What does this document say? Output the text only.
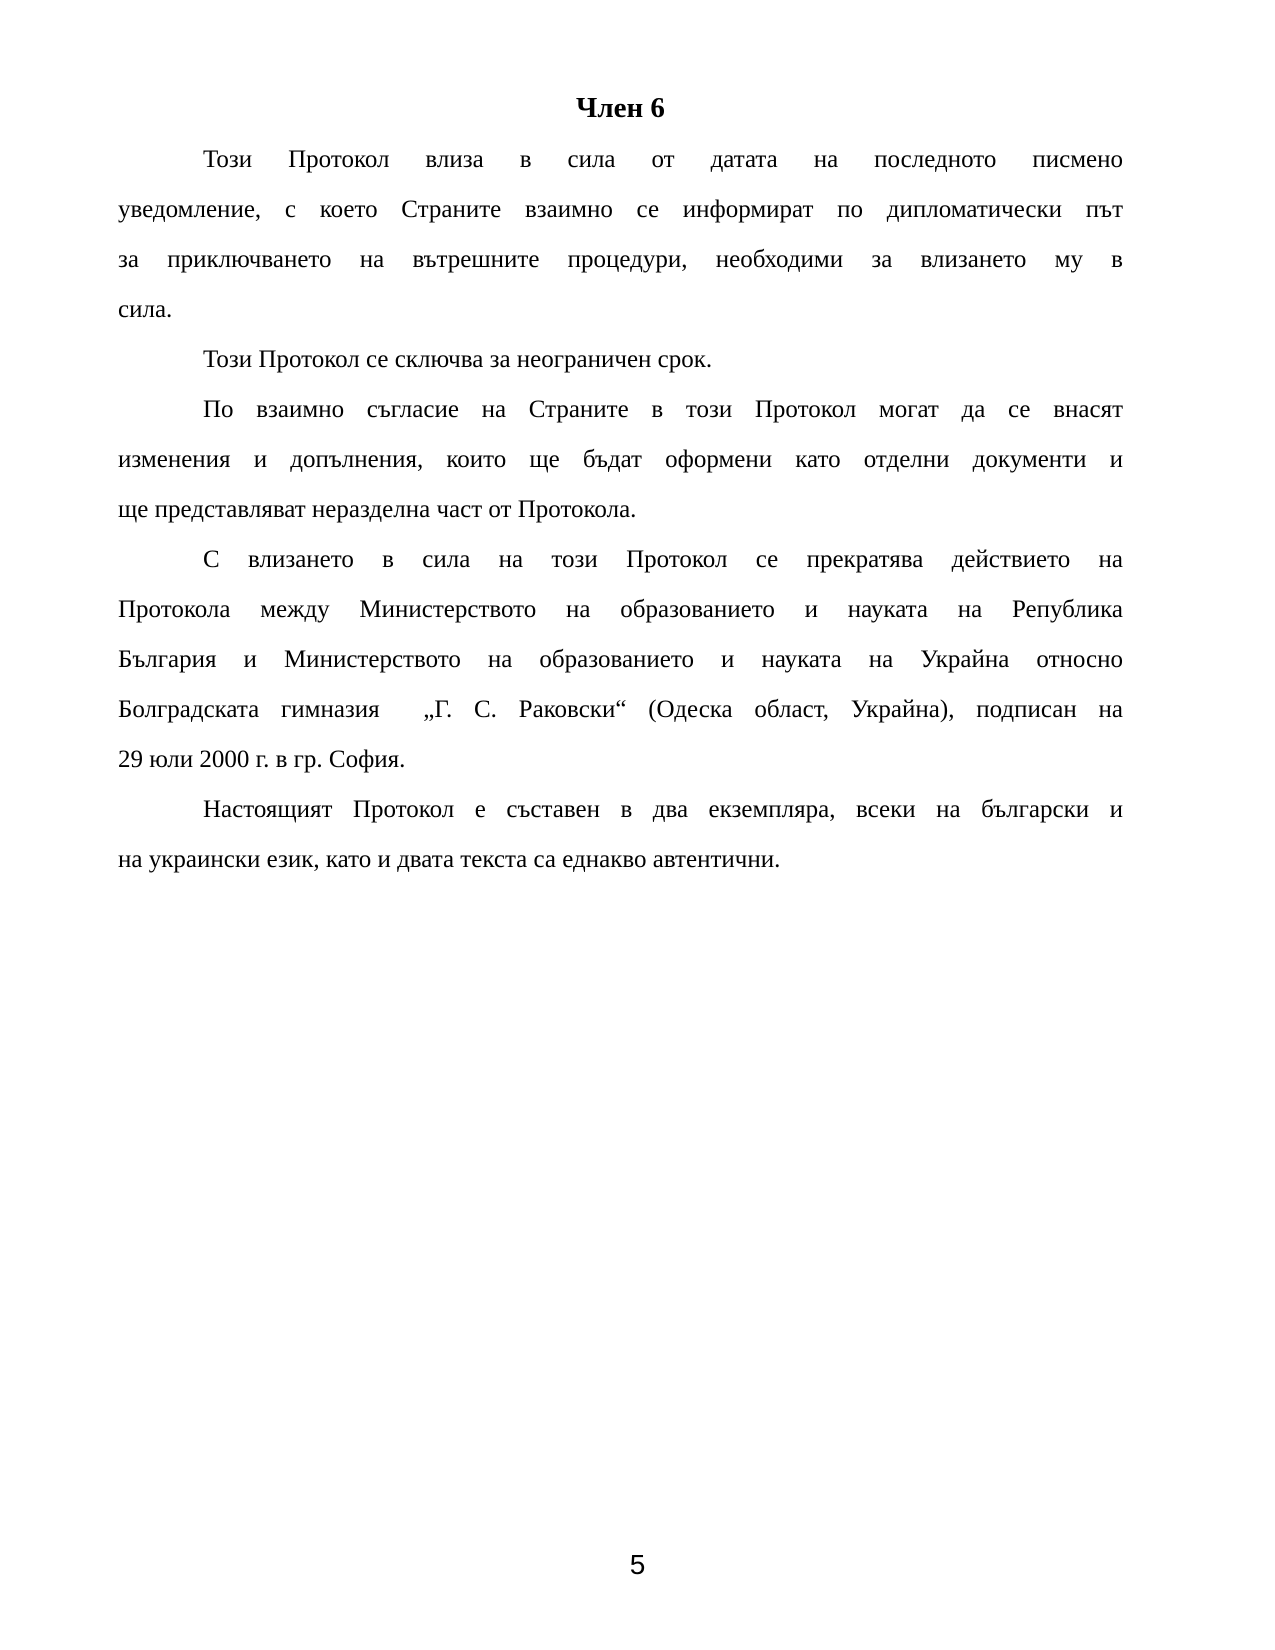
Член 6
Този Протокол влиза в сила от датата на последното писмено
уведомление, с което Страните взаимно се информират по дипломатически път
за приключването на вътрешните процедури, необходими за влизането му в
сила.
Този Протокол се сключва за неограничен срок.
По взаимно съгласие на Страните в този Протокол могат да се внасят
изменения и допълнения, които ще бъдат оформени като отделни документи и
ще представляват неразделна част от Протокола.
С влизането в сила на този Протокол се прекратява действието на
Протокола между Министерството на образованието и науката на Република
България и Министерството на образованието и науката на Украйна относно
Болградската гимназия  „Г. С. Раковски“ (Одеска област, Украйна), подписан на
29 юли 2000 г. в гр. София.
Настоящият Протокол е съставен в два екземпляра, всеки на български и
на украински език, като и двата текста са еднакво автентични.
5
